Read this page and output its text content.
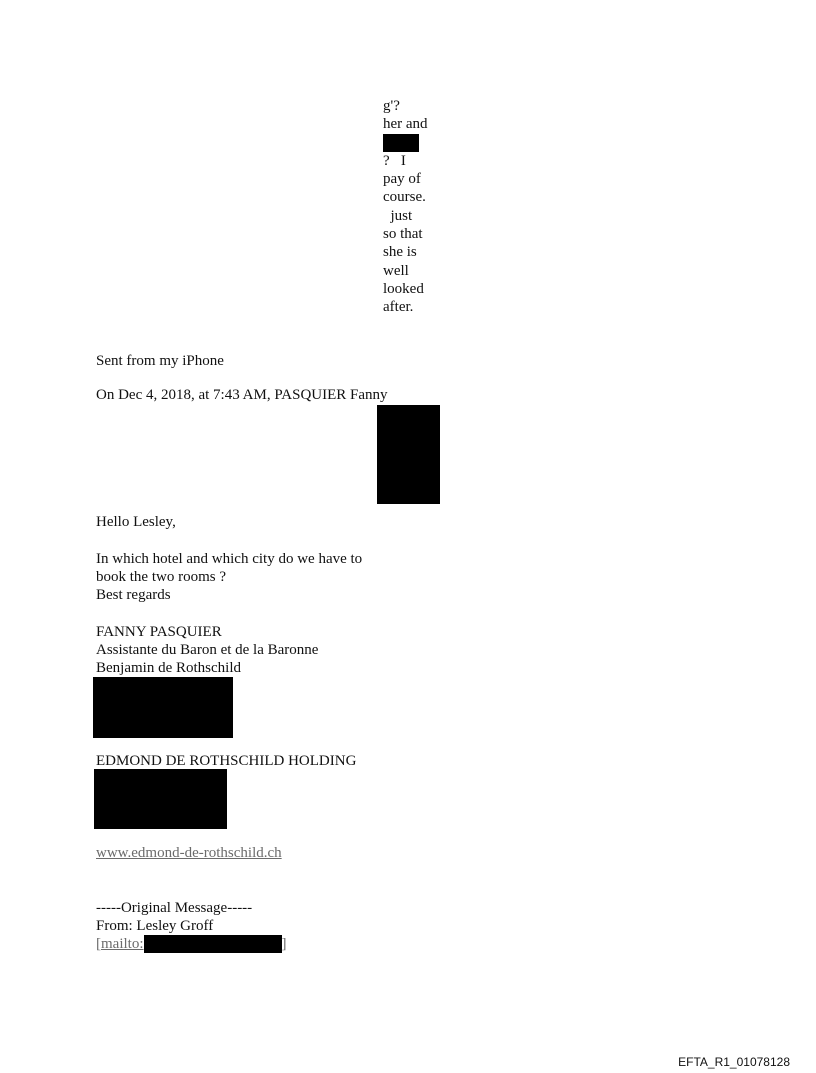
g'?
her and
?   I
pay of
course.
just
so that
she is
well
looked
after.
Sent from my iPhone
On Dec 4, 2018, at 7:43 AM, PASQUIER Fanny
Hello Lesley,
In which hotel and which city do we have to
book the two rooms ?
Best regards
FANNY PASQUIER
Assistante du Baron et de la Baronne
Benjamin de Rothschild
EDMOND DE ROTHSCHILD HOLDING
www.edmond-de-rothschild.ch
-----Original Message-----
From: Lesley Groff
[mailto:	]
EFTA_R1_01078128
